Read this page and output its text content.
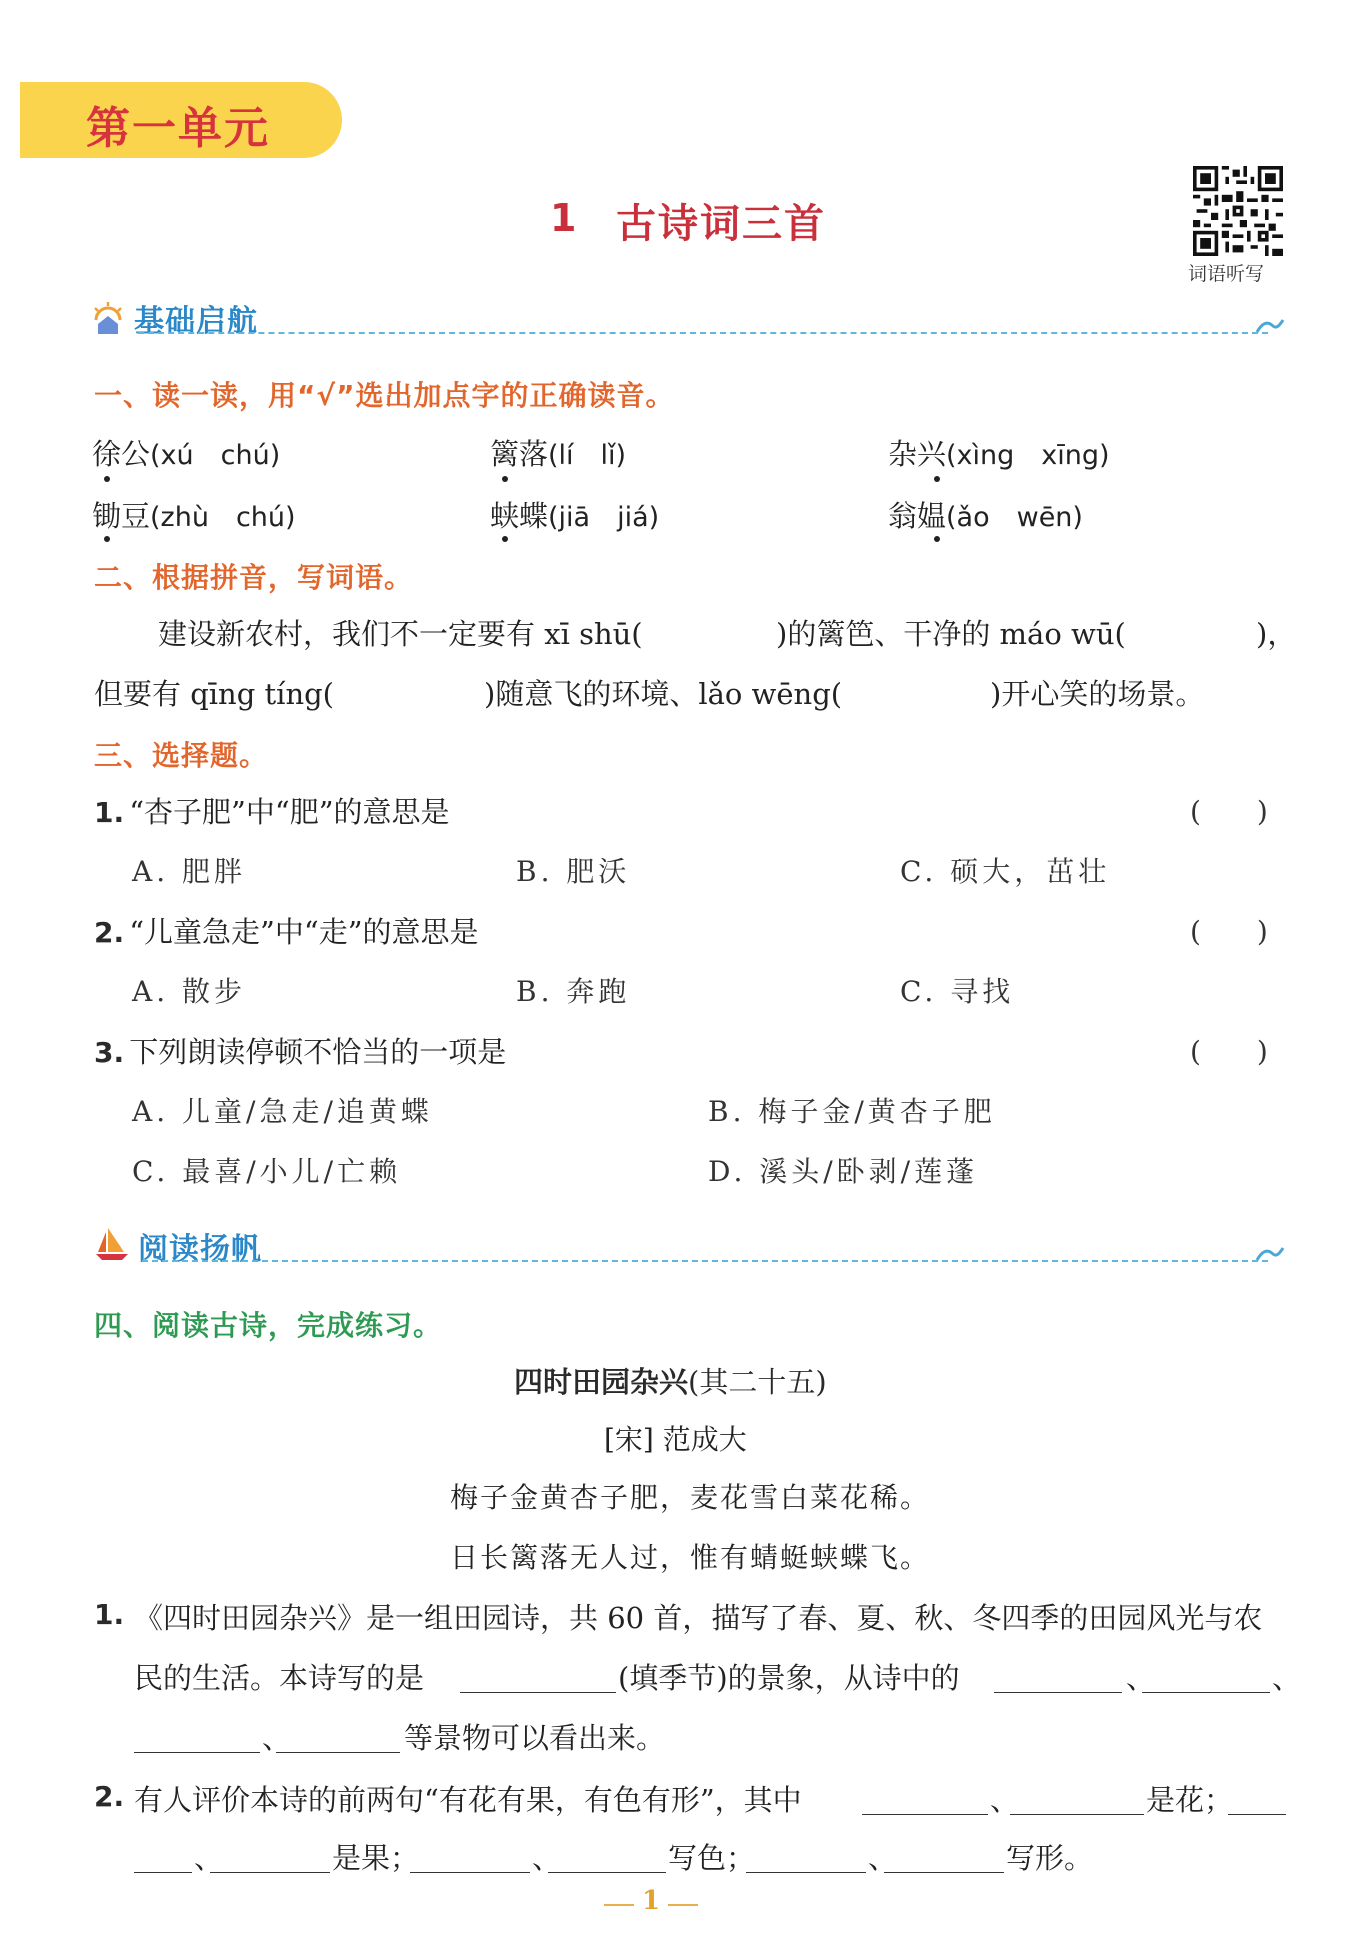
第一单元
1 古诗词三首
词语听写
基础启航
一、读一读，用“√”选出加点字的正确读音。
徐公(xú　chú)	篱落(lí　lǐ)	杂兴(xìng　xīng)
锄豆(zhù　chú)	蛱蝶(jiā　jiá)	翁媪(ǎo　wēn)
二、根据拼音，写词语。
建设新农村，我们不一定要有 xī shū(	)的篱笆、干净的 máo wū(	)，
但要有 qīng tíng(	)随意飞的环境、lǎo wēng(	)开心笑的场景。
三、选择题。
1. “杏子肥”中“肥”的意思是	(　　)
A. 肥胖	B. 肥沃	C. 硕大，茁壮
2. “儿童急走”中“走”的意思是	(　　)
A. 散步	B. 奔跑	C. 寻找
3. 下列朗读停顿不恰当的一项是	(　　)
A. 儿童/急走/追黄蝶	B. 梅子金/黄杏子肥
C. 最喜/小儿/亡赖	D. 溪头/卧剥/莲蓬
阅读扬帆
四、阅读古诗，完成练习。
四时田园杂兴(其二十五)
[宋] 范成大
梅子金黄杏子肥，麦花雪白菜花稀。
日长篱落无人过，惟有蜻蜓蛱蝶飞。
1. 《四时田园杂兴》是一组田园诗，共 60 首，描写了春、夏、秋、冬四季的田园风光与农
民的生活。本诗写的是	(填季节)的景象，从诗中的	、	、
、	等景物可以看出来。
2. 有人评价本诗的前两句“有花有果，有色有形”，其中	、	是花；
、	是果；	、	写色；	、	写形。
1
